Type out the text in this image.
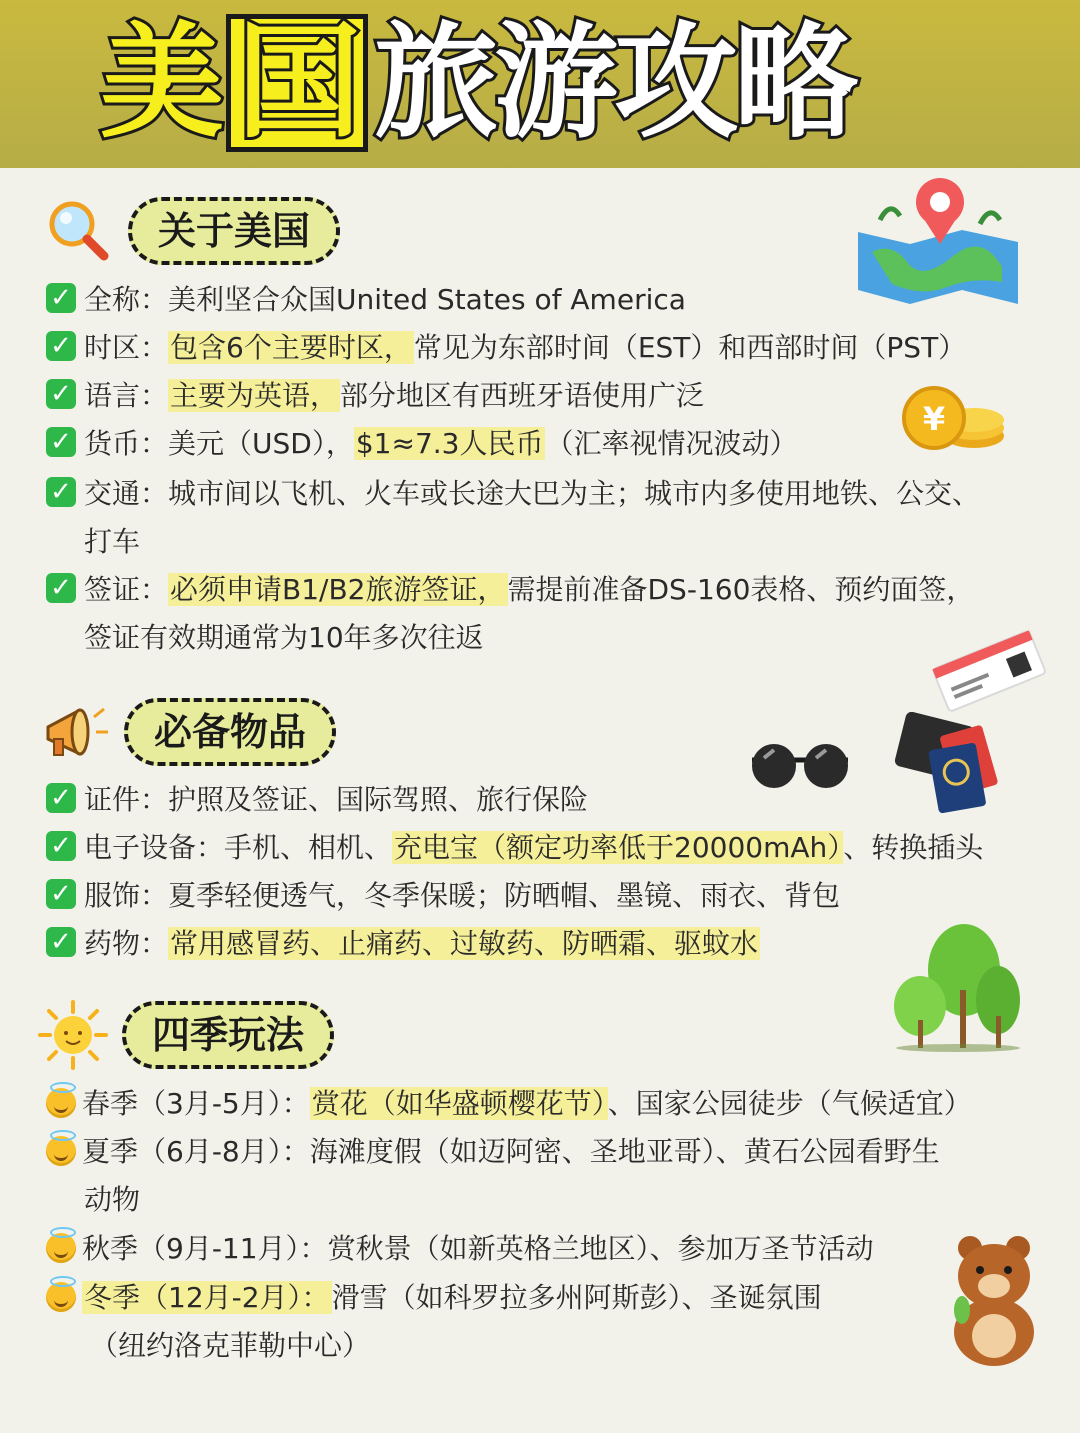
美 国 旅游攻略
关于美国
✓ 全称：美利坚合众国United States of America
✓ 时区：包含6个主要时区，常见为东部时间（EST）和西部时间（PST）
✓ 语言：主要为英语，部分地区有西班牙语使用广泛
✓ 货币：美元（USD），$1≈7.3人民币（汇率视情况波动）
✓ 交通：城市间以飞机、火车或长途大巴为主；城市内多使用地铁、公交、
打车
✓ 签证：必须申请B1/B2旅游签证，需提前准备DS-160表格、预约面签，
签证有效期通常为10年多次往返
必备物品
✓ 证件：护照及签证、国际驾照、旅行保险
✓ 电子设备：手机、相机、充电宝（额定功率低于20000mAh）、转换插头
✓ 服饰：夏季轻便透气，冬季保暖；防晒帽、墨镜、雨衣、背包
✓ 药物：常用感冒药、止痛药、过敏药、防晒霜、驱蚊水
四季玩法
春季（3月-5月）：赏花（如华盛顿樱花节）、国家公园徒步（气候适宜）
夏季（6月-8月）：海滩度假（如迈阿密、圣地亚哥）、黄石公园看野生
动物
秋季（9月-11月）：赏秋景（如新英格兰地区）、参加万圣节活动
冬季（12月-2月）：滑雪（如科罗拉多州阿斯彭）、圣诞氛围
（纽约洛克菲勒中心）
¥
